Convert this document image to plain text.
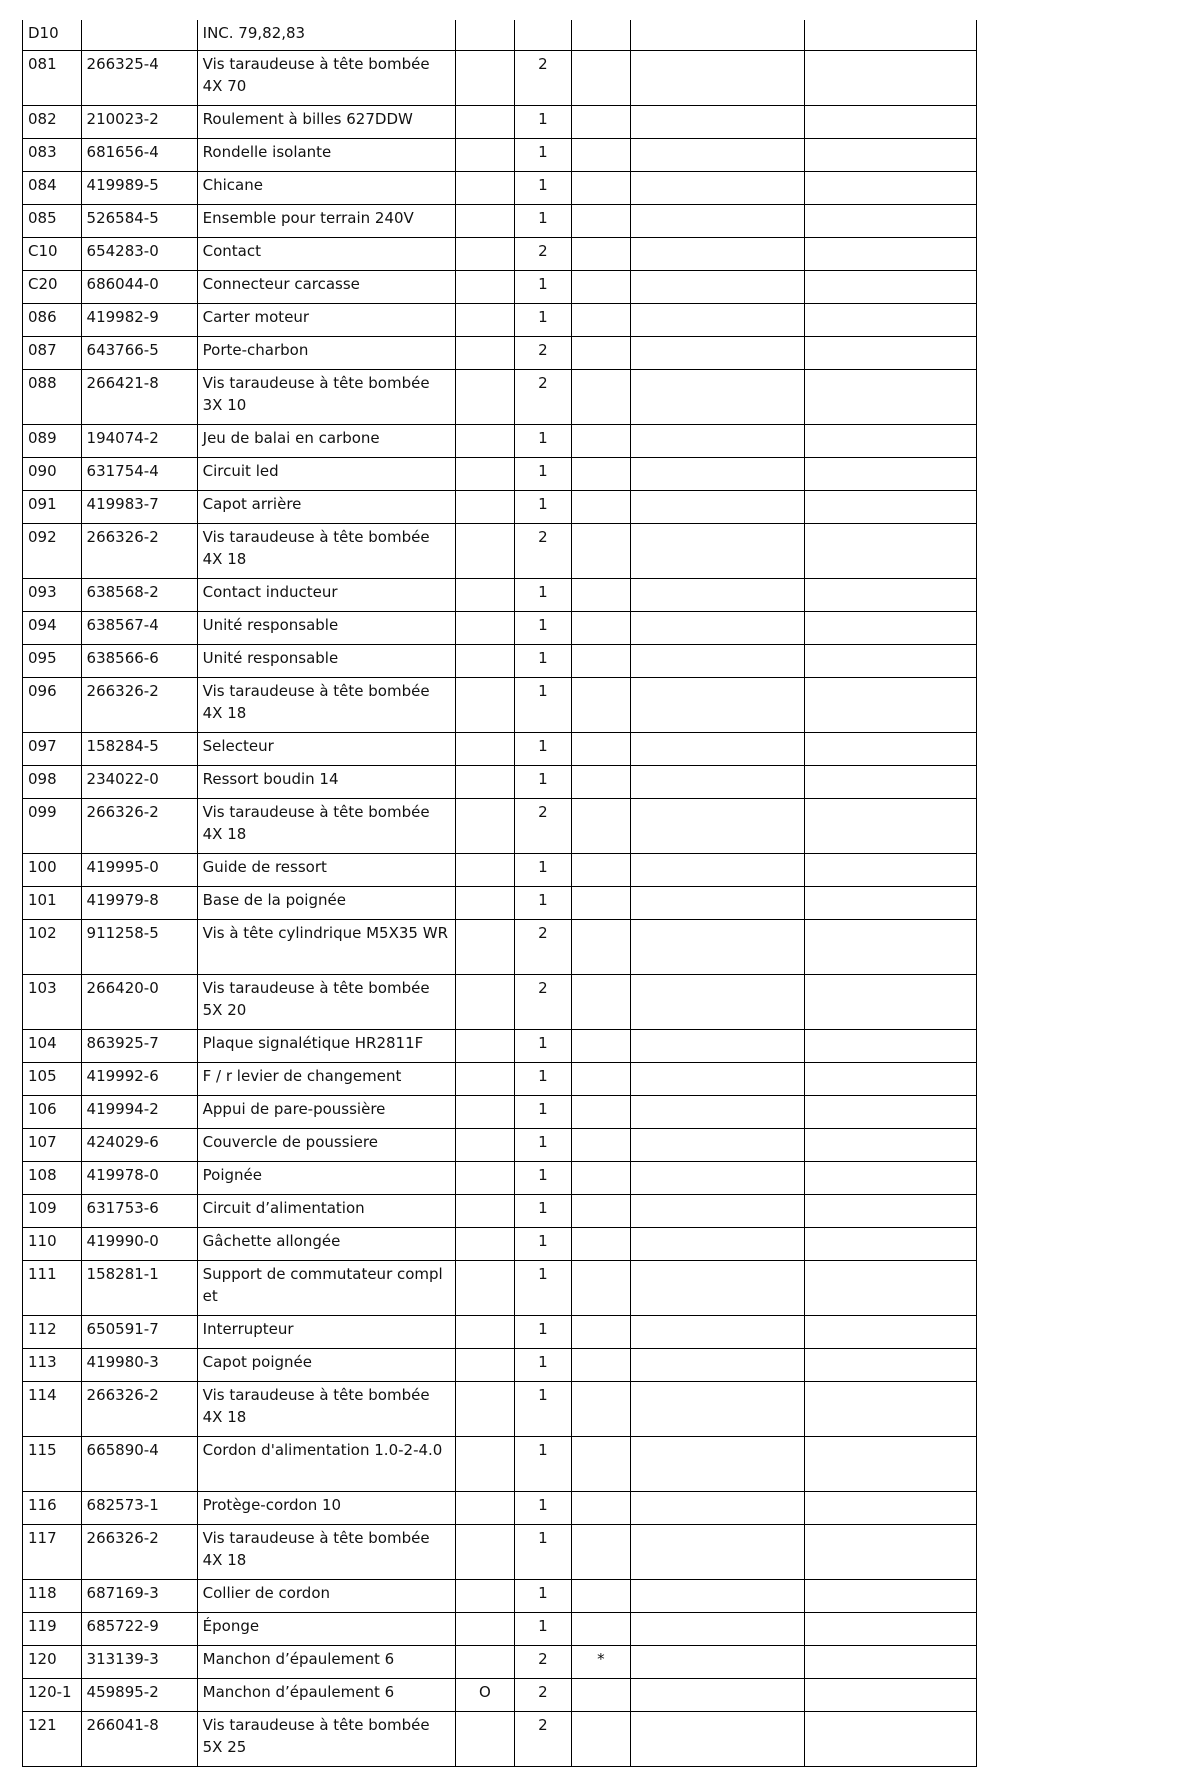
D10		INC. 79,82,83					
081	266325-4	Vis taraudeuse à tête bombée 4X 70		2			
082	210023-2	Roulement à billes 627DDW		1			
083	681656-4	Rondelle isolante		1			
084	419989-5	Chicane		1			
085	526584-5	Ensemble pour terrain 240V		1			
C10	654283-0	Contact		2			
C20	686044-0	Connecteur carcasse		1			
086	419982-9	Carter moteur		1			
087	643766-5	Porte-charbon		2			
088	266421-8	Vis taraudeuse à tête bombée 3X 10		2			
089	194074-2	Jeu de balai en carbone		1			
090	631754-4	Circuit led		1			
091	419983-7	Capot arrière		1			
092	266326-2	Vis taraudeuse à tête bombée 4X 18		2			
093	638568-2	Contact inducteur		1			
094	638567-4	Unité responsable		1			
095	638566-6	Unité responsable		1			
096	266326-2	Vis taraudeuse à tête bombée 4X 18		1			
097	158284-5	Selecteur		1			
098	234022-0	Ressort boudin 14		1			
099	266326-2	Vis taraudeuse à tête bombée 4X 18		2			
100	419995-0	Guide de ressort		1			
101	419979-8	Base de la poignée		1			
102	911258-5	Vis à tête cylindrique M5X35 WR		2			
103	266420-0	Vis taraudeuse à tête bombée 5X 20		2			
104	863925-7	Plaque signalétique HR2811F		1			
105	419992-6	F / r levier de changement		1			
106	419994-2	Appui de pare-poussière		1			
107	424029-6	Couvercle de poussiere		1			
108	419978-0	Poignée		1			
109	631753-6	Circuit d’alimentation		1			
110	419990-0	Gâchette allongée		1			
111	158281-1	Support de commutateur compl et		1			
112	650591-7	Interrupteur		1			
113	419980-3	Capot poignée		1			
114	266326-2	Vis taraudeuse à tête bombée 4X 18		1			
115	665890-4	Cordon d'alimentation 1.0-2-4.0		1			
116	682573-1	Protège-cordon 10		1			
117	266326-2	Vis taraudeuse à tête bombée 4X 18		1			
118	687169-3	Collier de cordon		1			
119	685722-9	Éponge		1			
120	313139-3	Manchon d’épaulement 6		2	*		
120-1	459895-2	Manchon d’épaulement 6	O	2			
121	266041-8	Vis taraudeuse à tête bombée 5X 25		2			
